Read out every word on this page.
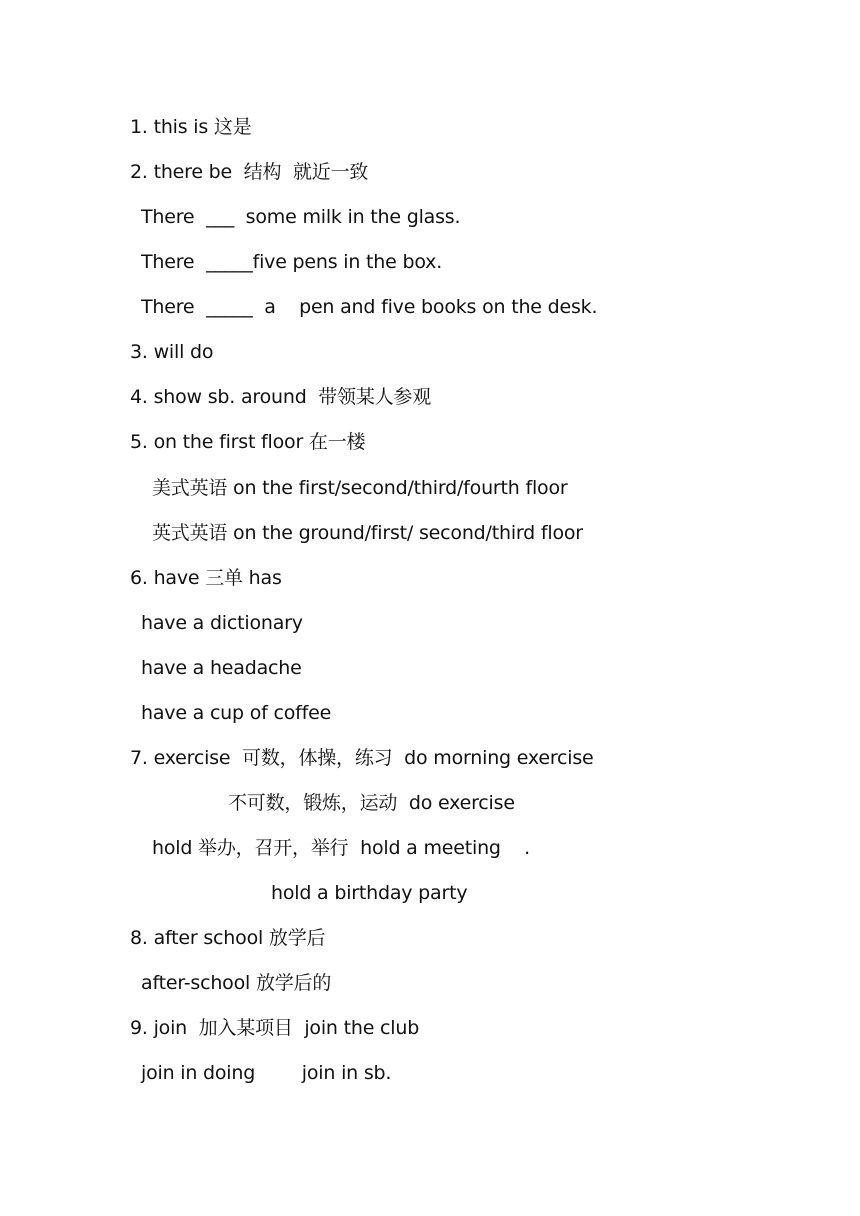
1. this is 这是
2. there be  结构  就近一致
There  ___  some milk in the glass.
There  _____five pens in the box.
There  _____  a    pen and five books on the desk.
3. will do
4. show sb. around  带领某人参观
5. on the first floor 在一楼
美式英语 on the first/second/third/fourth floor
英式英语 on the ground/first/ second/third floor
6. have 三单 has
have a dictionary
have a headache
have a cup of coffee
7. exercise  可数，体操，练习  do morning exercise
不可数，锻炼，运动  do exercise
hold 举办，召开，举行  hold a meeting    .
hold a birthday party
8. after school 放学后
after-school 放学后的
9. join  加入某项目  join the club
join in doing        join in sb.
